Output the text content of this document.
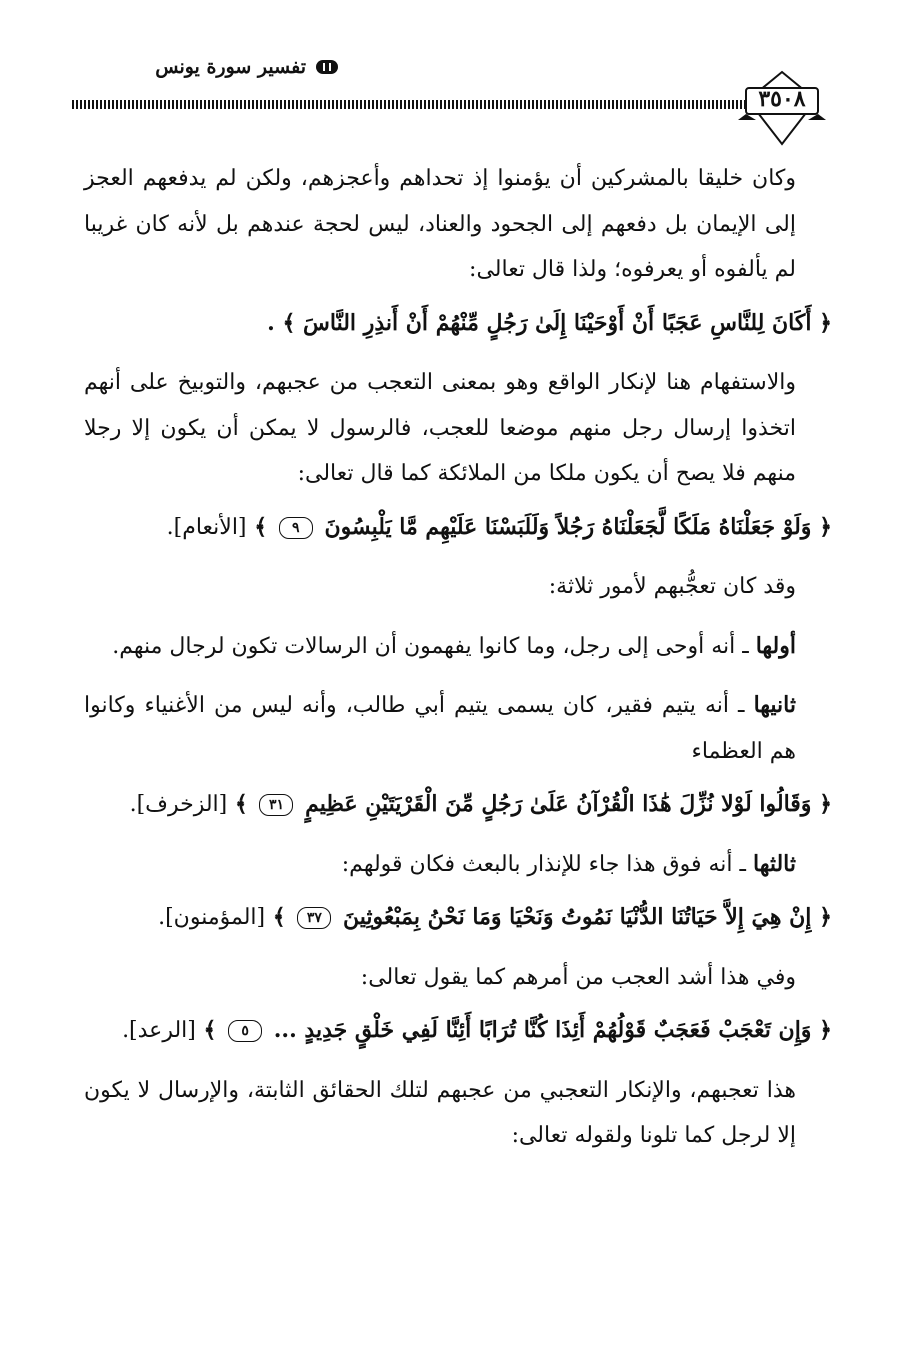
تفسير سورة يونس
٣٥٠٨

وكان خليقا بالمشركين أن يؤمنوا إذ تحداهم وأعجزهم، ولكن لم يدفعهم العجز إلى الإيمان بل دفعهم إلى الجحود والعناد، ليس لحجة عندهم بل لأنه كان غريبا لم يألفوه أو يعرفوه؛ ولذا قال تعالى:

﴿ أَكَانَ لِلنَّاسِ عَجَبًا أَنْ أَوْحَيْنَا إِلَىٰ رَجُلٍ مِّنْهُمْ أَنْ أَنذِرِ النَّاسَ ﴾ .

والاستفهام هنا لإنكار الواقع وهو بمعنى التعجب من عجبهم، والتوبيخ على أنهم اتخذوا إرسال رجل منهم موضعا للعجب، فالرسول لا يمكن أن يكون إلا رجلا منهم فلا يصح أن يكون ملكا من الملائكة كما قال تعالى:

﴿ وَلَوْ جَعَلْنَاهُ مَلَكًا لَّجَعَلْنَاهُ رَجُلاً وَلَلَبَسْنَا عَلَيْهِم مَّا يَلْبِسُونَ ٩ ﴾ [الأنعام].

وقد كان تعجُّبهم لأمور ثلاثة:

أولها ـ أنه أوحى إلى رجل، وما كانوا يفهمون أن الرسالات تكون لرجال منهم.

ثانيها ـ أنه يتيم فقير، كان يسمى يتيم أبي طالب، وأنه ليس من الأغنياء وكانوا هم العظماء

﴿ وَقَالُوا لَوْلا نُزِّلَ هَٰذَا الْقُرْآنُ عَلَىٰ رَجُلٍ مِّنَ الْقَرْيَتَيْنِ عَظِيمٍ ٣١ ﴾ [الزخرف].

ثالثها ـ أنه فوق هذا جاء للإنذار بالبعث فكان قولهم:

﴿ إِنْ هِيَ إِلاَّ حَيَاتُنَا الدُّنْيَا نَمُوتُ وَنَحْيَا وَمَا نَحْنُ بِمَبْعُوثِينَ ٣٧ ﴾ [المؤمنون].

وفي هذا أشد العجب من أمرهم كما يقول تعالى:

﴿ وَإِن تَعْجَبْ فَعَجَبٌ قَوْلُهُمْ أَئِذَا كُنَّا تُرَابًا أَئِنَّا لَفِي خَلْقٍ جَدِيدٍ ... ٥ ﴾ [الرعد].

هذا تعجبهم، والإنكار التعجبي من عجبهم لتلك الحقائق الثابتة، والإرسال لا يكون إلا لرجل كما تلونا ولقوله تعالى:
